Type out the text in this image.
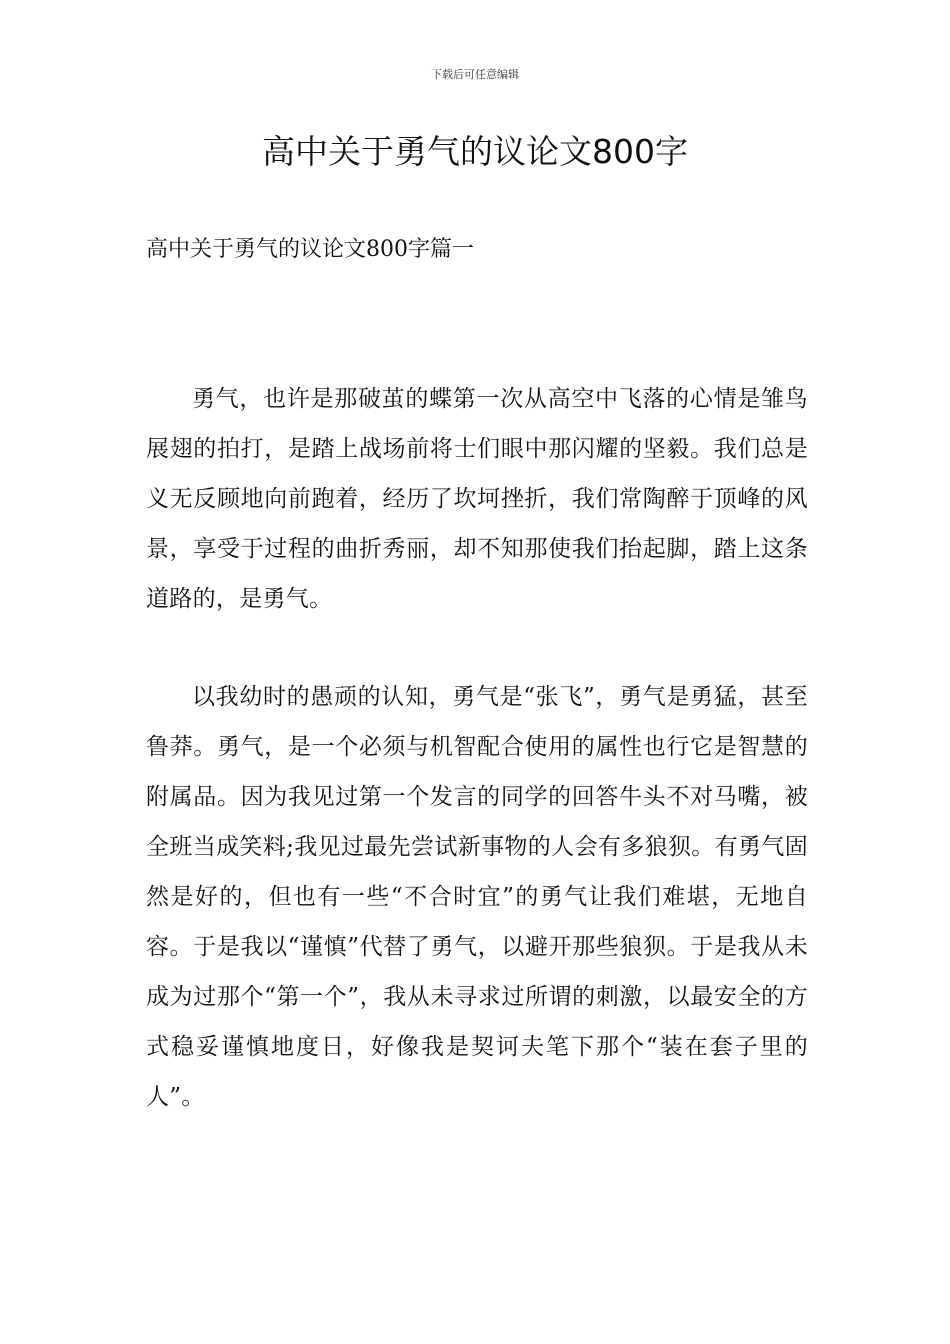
下载后可任意编辑
高中关于勇气的议论文800字
高中关于勇气的议论文800字篇一

勇气，也许是那破茧的蝶第一次从高空中飞落的心情是雏鸟展翅的拍打，是踏上战场前将士们眼中那闪耀的坚毅。我们总是义无反顾地向前跑着，经历了坎坷挫折，我们常陶醉于顶峰的风景，享受于过程的曲折秀丽，却不知那使我们抬起脚，踏上这条道路的，是勇气。

以我幼时的愚顽的认知，勇气是“张飞”，勇气是勇猛，甚至鲁莽。勇气，是一个必须与机智配合使用的属性也行它是智慧的附属品。因为我见过第一个发言的同学的回答牛头不对马嘴，被全班当成笑料;我见过最先尝试新事物的人会有多狼狈。有勇气固然是好的，但也有一些“不合时宜”的勇气让我们难堪，无地自容。于是我以“谨慎”代替了勇气，以避开那些狼狈。于是我从未成为过那个“第一个”，我从未寻求过所谓的刺激，以最安全的方式稳妥谨慎地度日，好像我是契诃夫笔下那个“装在套子里的人”。
